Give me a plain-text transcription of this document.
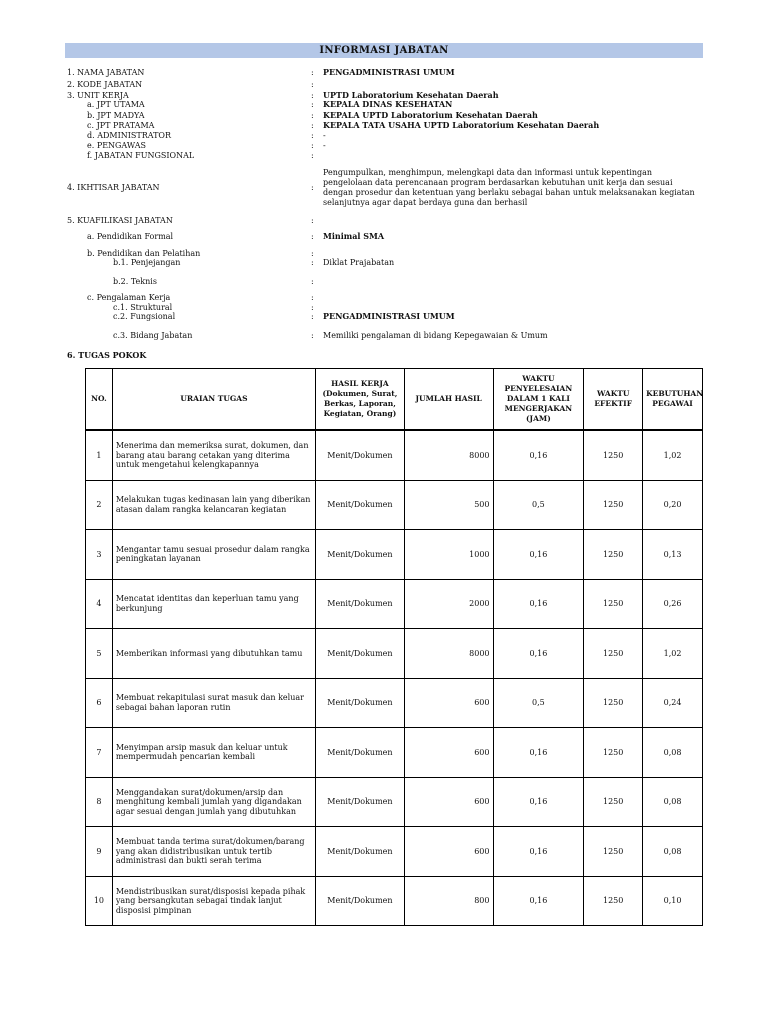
INFORMASI JABATAN
1. NAMA JABATAN	:	PENGADMINISTRASI UMUM
2. KODE JABATAN	:
3. UNIT KERJA	:	UPTD Laboratorium Kesehatan Daerah
a. JPT UTAMA	:	KEPALA DINAS KESEHATAN
b. JPT MADYA	:	KEPALA UPTD Laboratorium Kesehatan Daerah
c. JPT PRATAMA	:	KEPALA TATA USAHA UPTD Laboratorium Kesehatan Daerah
d. ADMINISTRATOR	:	-
e. PENGAWAS	:	-
f. JABATAN FUNGSIONAL	:
4. IKHTISAR JABATAN	:
Pengumpulkan, menghimpun, melengkapi data dan informasi untuk kepentingan pengelolaan data perencanaan program berdasarkan kebutuhan unit kerja dan sesuai dengan prosedur dan ketentuan yang berlaku sebagai bahan untuk melaksanakan kegiatan selanjutnya agar dapat berdaya guna dan berhasil
5. KUAFILIKASI JABATAN	:
a. Pendidikan Formal	:	Minimal SMA
b. Pendidikan dan Pelatihan	:
b.1. Penjejangan	:	Diklat Prajabatan
b.2. Teknis	:
c. Pengalaman Kerja	:
c.1. Struktural	:
c.2. Fungsional	:	PENGADMINISTRASI UMUM
c.3. Bidang Jabatan	:	Memiliki pengalaman di bidang Kepegawaian & Umum
6. TUGAS POKOK
NO.	URAIAN TUGAS	HASIL KERJA (Dokumen, Surat, Berkas, Laporan, Kegiatan, Orang)	JUMLAH HASIL	WAKTU PENYELESAIAN DALAM 1 KALI MENGERJAKAN (JAM)	WAKTU EFEKTIF	KEBUTUHAN PEGAWAI
1	Menerima dan memeriksa surat, dokumen, dan barang atau barang cetakan yang diterima untuk mengetahui kelengkapannya	Menit/Dokumen	8000	0,16	1250	1,02
2	Melakukan tugas kedinasan lain yang diberikan atasan dalam rangka kelancaran kegiatan	Menit/Dokumen	500	0,5	1250	0,20
3	Mengantar tamu sesuai prosedur dalam rangka peningkatan layanan	Menit/Dokumen	1000	0,16	1250	0,13
4	Mencatat identitas dan keperluan tamu yang berkunjung	Menit/Dokumen	2000	0,16	1250	0,26
5	Memberikan informasi yang dibutuhkan tamu	Menit/Dokumen	8000	0,16	1250	1,02
6	Membuat rekapitulasi surat masuk dan keluar sebagai bahan laporan rutin	Menit/Dokumen	600	0,5	1250	0,24
7	Menyimpan arsip masuk dan keluar untuk mempermudah pencarian kembali	Menit/Dokumen	600	0,16	1250	0,08
8	Menggandakan surat/dokumen/arsip dan menghitung kembali jumlah yang digandakan agar sesuai dengan jumlah yang dibutuhkan	Menit/Dokumen	600	0,16	1250	0,08
9	Membuat tanda terima surat/dokumen/barang yang akan didistribusikan untuk tertib administrasi dan bukti serah terima	Menit/Dokumen	600	0,16	1250	0,08
10	Mendistribusikan surat/disposisi kepada pihak yang bersangkutan sebagai tindak lanjut disposisi pimpinan	Menit/Dokumen	800	0,16	1250	0,10
